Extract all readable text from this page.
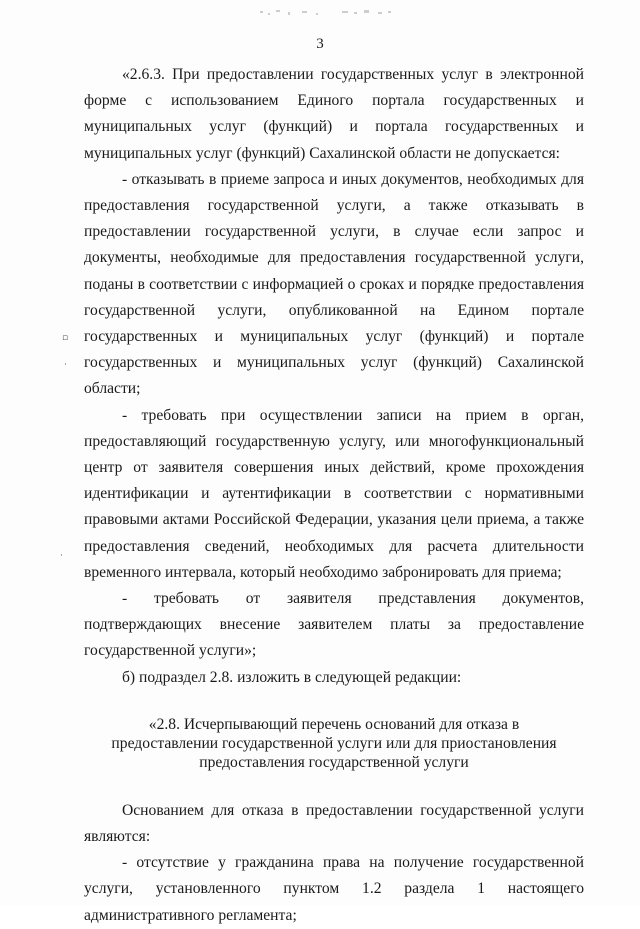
3
▫
·
·

«2.6.3. При предоставлении государственных услуг в электронной форме с использованием Единого портала государственных и муниципальных услуг (функций) и портала государственных и муниципальных услуг (функций) Сахалинской области не допускается:

- отказывать в приеме запроса и иных документов, необходимых для предоставления государственной услуги, а также отказывать в предоставлении государственной услуги, в случае если запрос и документы, необходимые для предоставления государственной услуги, поданы в соответствии с информацией о сроках и порядке предоставления государственной услуги, опубликованной на Едином портале государственных и муниципальных услуг (функций) и портале государственных и муниципальных услуг (функций) Сахалинской области;

- требовать при осуществлении записи на прием в орган, предоставляющий государственную услугу, или многофункциональный центр от заявителя совершения иных действий, кроме прохождения идентификации и аутентификации в соответствии с нормативными правовыми актами Российской Федерации, указания цели приема, а также предоставления сведений, необходимых для расчета длительности временного интервала, который необходимо забронировать для приема;

- требовать от заявителя представления документов, подтверждающих внесение заявителем платы за предоставление государственной услуги»;

б) подраздел 2.8. изложить в следующей редакции:

«2.8. Исчерпывающий перечень оснований для отказа в предоставлении государственной услуги или для приостановления предоставления государственной услуги

Основанием для отказа в предоставлении государственной услуги являются:

- отсутствие у гражданина права на получение государственной услуги, установленного пунктом 1.2 раздела 1 настоящего административного регламента;
